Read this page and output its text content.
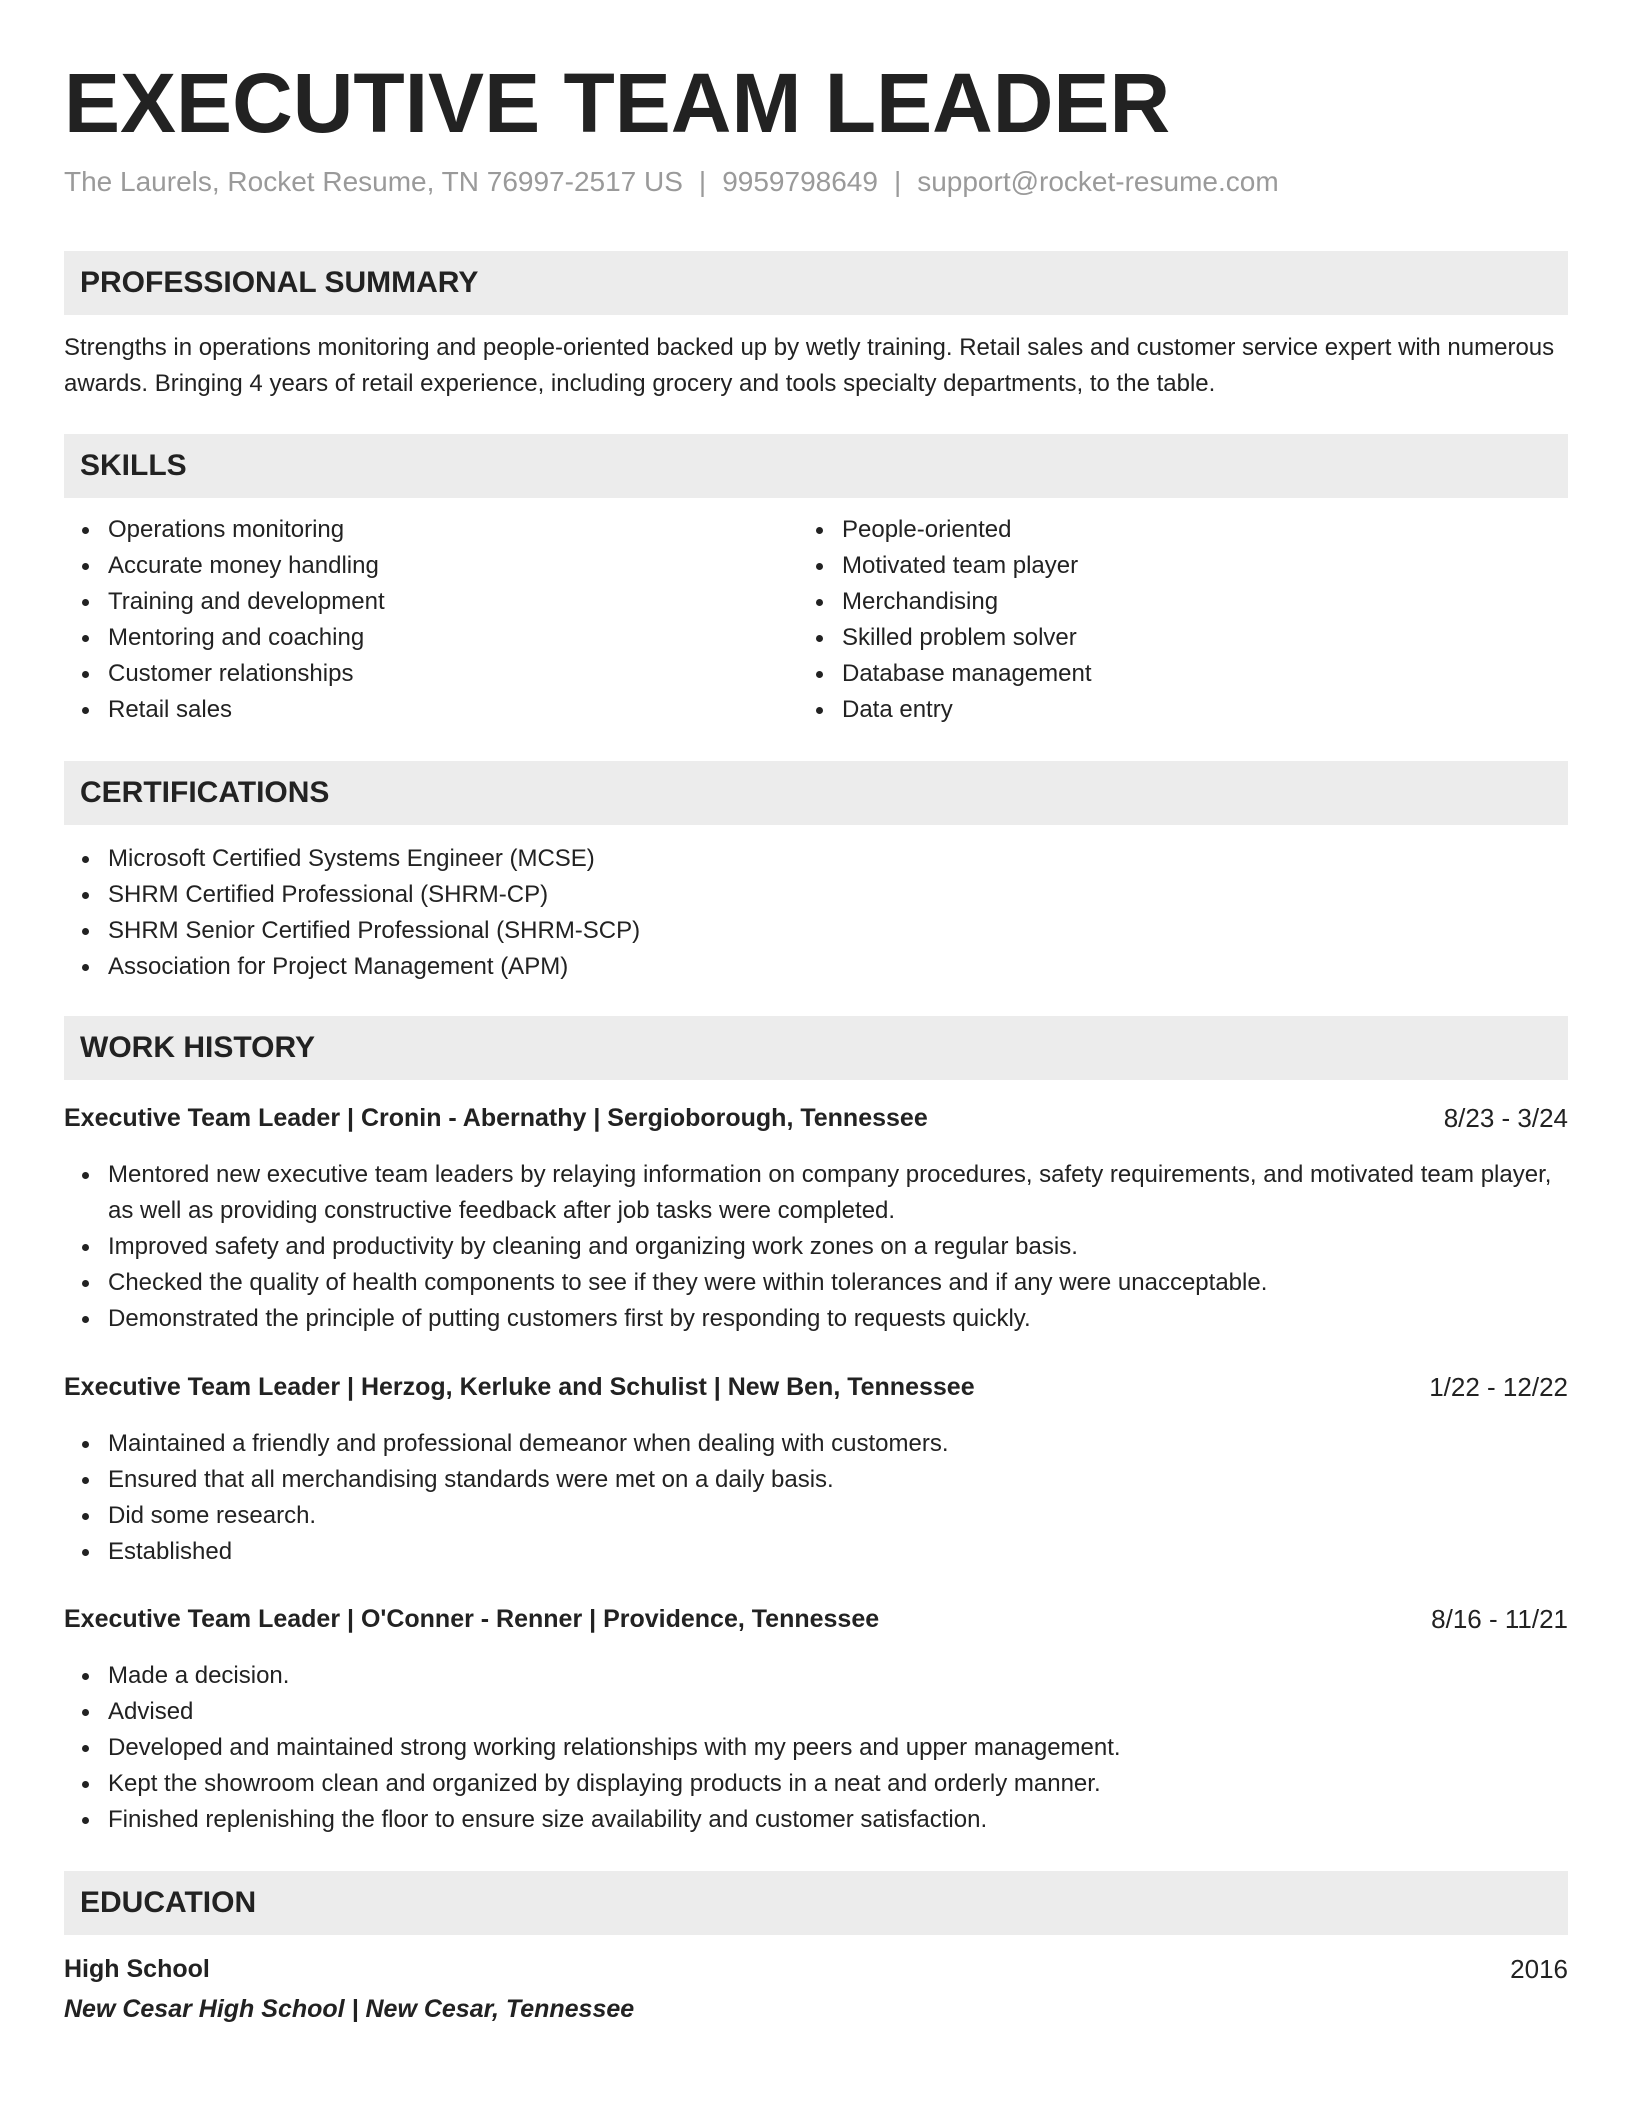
EXECUTIVE TEAM LEADER
The Laurels, Rocket Resume, TN 76997-2517 US | 9959798649 | support@rocket-resume.com
PROFESSIONAL SUMMARY
Strengths in operations monitoring and people-oriented backed up by wetly training. Retail sales and customer service expert with numerous awards. Bringing 4 years of retail experience, including grocery and tools specialty departments, to the table.
SKILLS
Operations monitoring
Accurate money handling
Training and development
Mentoring and coaching
Customer relationships
Retail sales
People-oriented
Motivated team player
Merchandising
Skilled problem solver
Database management
Data entry
CERTIFICATIONS
Microsoft Certified Systems Engineer (MCSE)
SHRM Certified Professional (SHRM-CP)
SHRM Senior Certified Professional (SHRM-SCP)
Association for Project Management (APM)
WORK HISTORY
Executive Team Leader | Cronin - Abernathy | Sergioborough, Tennessee	8/23 - 3/24
Mentored new executive team leaders by relaying information on company procedures, safety requirements, and motivated team player, as well as providing constructive feedback after job tasks were completed.
Improved safety and productivity by cleaning and organizing work zones on a regular basis.
Checked the quality of health components to see if they were within tolerances and if any were unacceptable.
Demonstrated the principle of putting customers first by responding to requests quickly.
Executive Team Leader | Herzog, Kerluke and Schulist | New Ben, Tennessee	1/22 - 12/22
Maintained a friendly and professional demeanor when dealing with customers.
Ensured that all merchandising standards were met on a daily basis.
Did some research.
Established
Executive Team Leader | O'Conner - Renner | Providence, Tennessee	8/16 - 11/21
Made a decision.
Advised
Developed and maintained strong working relationships with my peers and upper management.
Kept the showroom clean and organized by displaying products in a neat and orderly manner.
Finished replenishing the floor to ensure size availability and customer satisfaction.
EDUCATION
High School	2016
New Cesar High School | New Cesar, Tennessee
